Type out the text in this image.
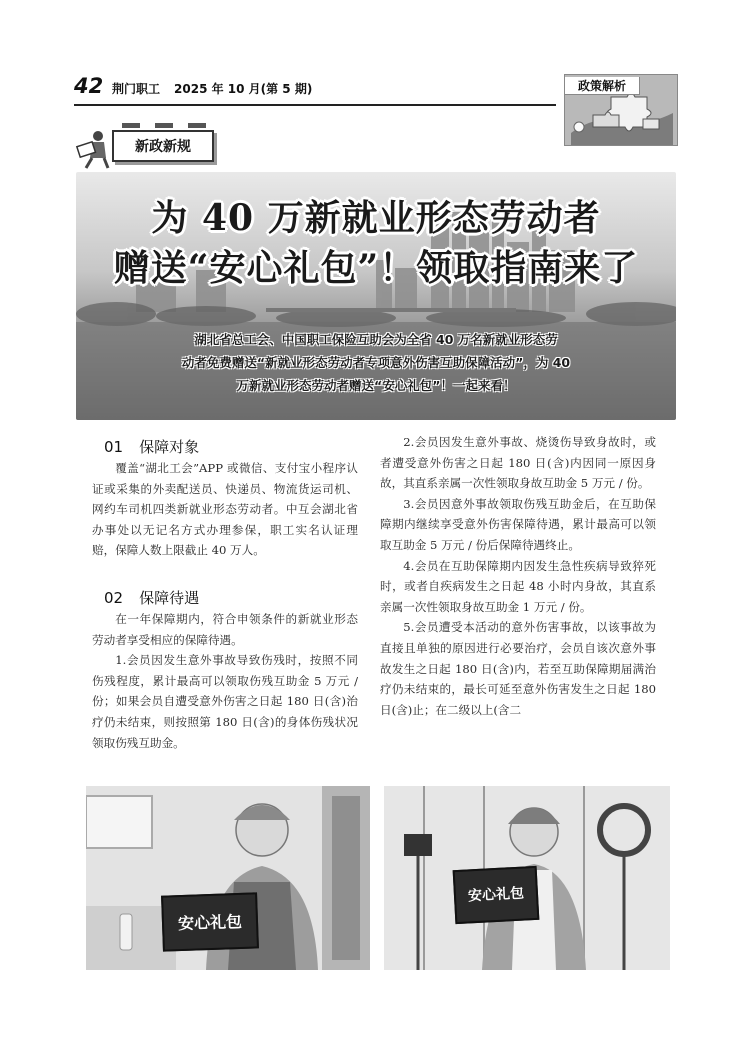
42 荆门职工 2025 年 10 月(第 5 期)	政策解析
新政新规
为 40 万新就业形态劳动者
赠送“安心礼包”！领取指南来了
湖北省总工会、中国职工保险互助会为全省 40 万名新就业形态劳
动者免费赠送“新就业形态劳动者专项意外伤害互助保障活动”，为 40
万新就业形态劳动者赠送“安心礼包”！一起来看！
01 保障对象

覆盖“湖北工会”APP 或微信、支付宝小程序认证或采集的外卖配送员、快递员、物流货运司机、网约车司机四类新就业形态劳动者。中互会湖北省办事处以无记名方式办理参保，职工实名认证理赔，保障人数上限截止 40 万人。

02 保障待遇

在一年保障期内，符合申领条件的新就业形态劳动者享受相应的保障待遇。

1.会员因发生意外事故导致伤残时，按照不同伤残程度，累计最高可以领取伤残互助金 5 万元 / 份；如果会员自遭受意外伤害之日起 180 日(含)治疗仍未结束，则按照第 180 日(含)的身体伤残状况领取伤残互助金。

2.会员因发生意外事故、烧烫伤导致身故时，或者遭受意外伤害之日起 180 日(含)内因同一原因身故，其直系亲属一次性领取身故互助金 5 万元 / 份。

3.会员因意外事故领取伤残互助金后，在互助保障期内继续享受意外伤害保障待遇，累计最高可以领取互助金 5 万元 / 份后保障待遇终止。

4.会员在互助保障期内因发生急性疾病导致猝死时，或者自疾病发生之日起 48 小时内身故，其直系亲属一次性领取身故互助金 1 万元 / 份。

5.会员遭受本活动的意外伤害事故，以该事故为直接且单独的原因进行必要治疗，会员自该次意外事故发生之日起 180 日(含)内，若至互助保障期届满治疗仍未结束的，最长可延至意外伤害发生之日起 180 日(含)止；在二级以上(含二

安心礼包
安心礼包
